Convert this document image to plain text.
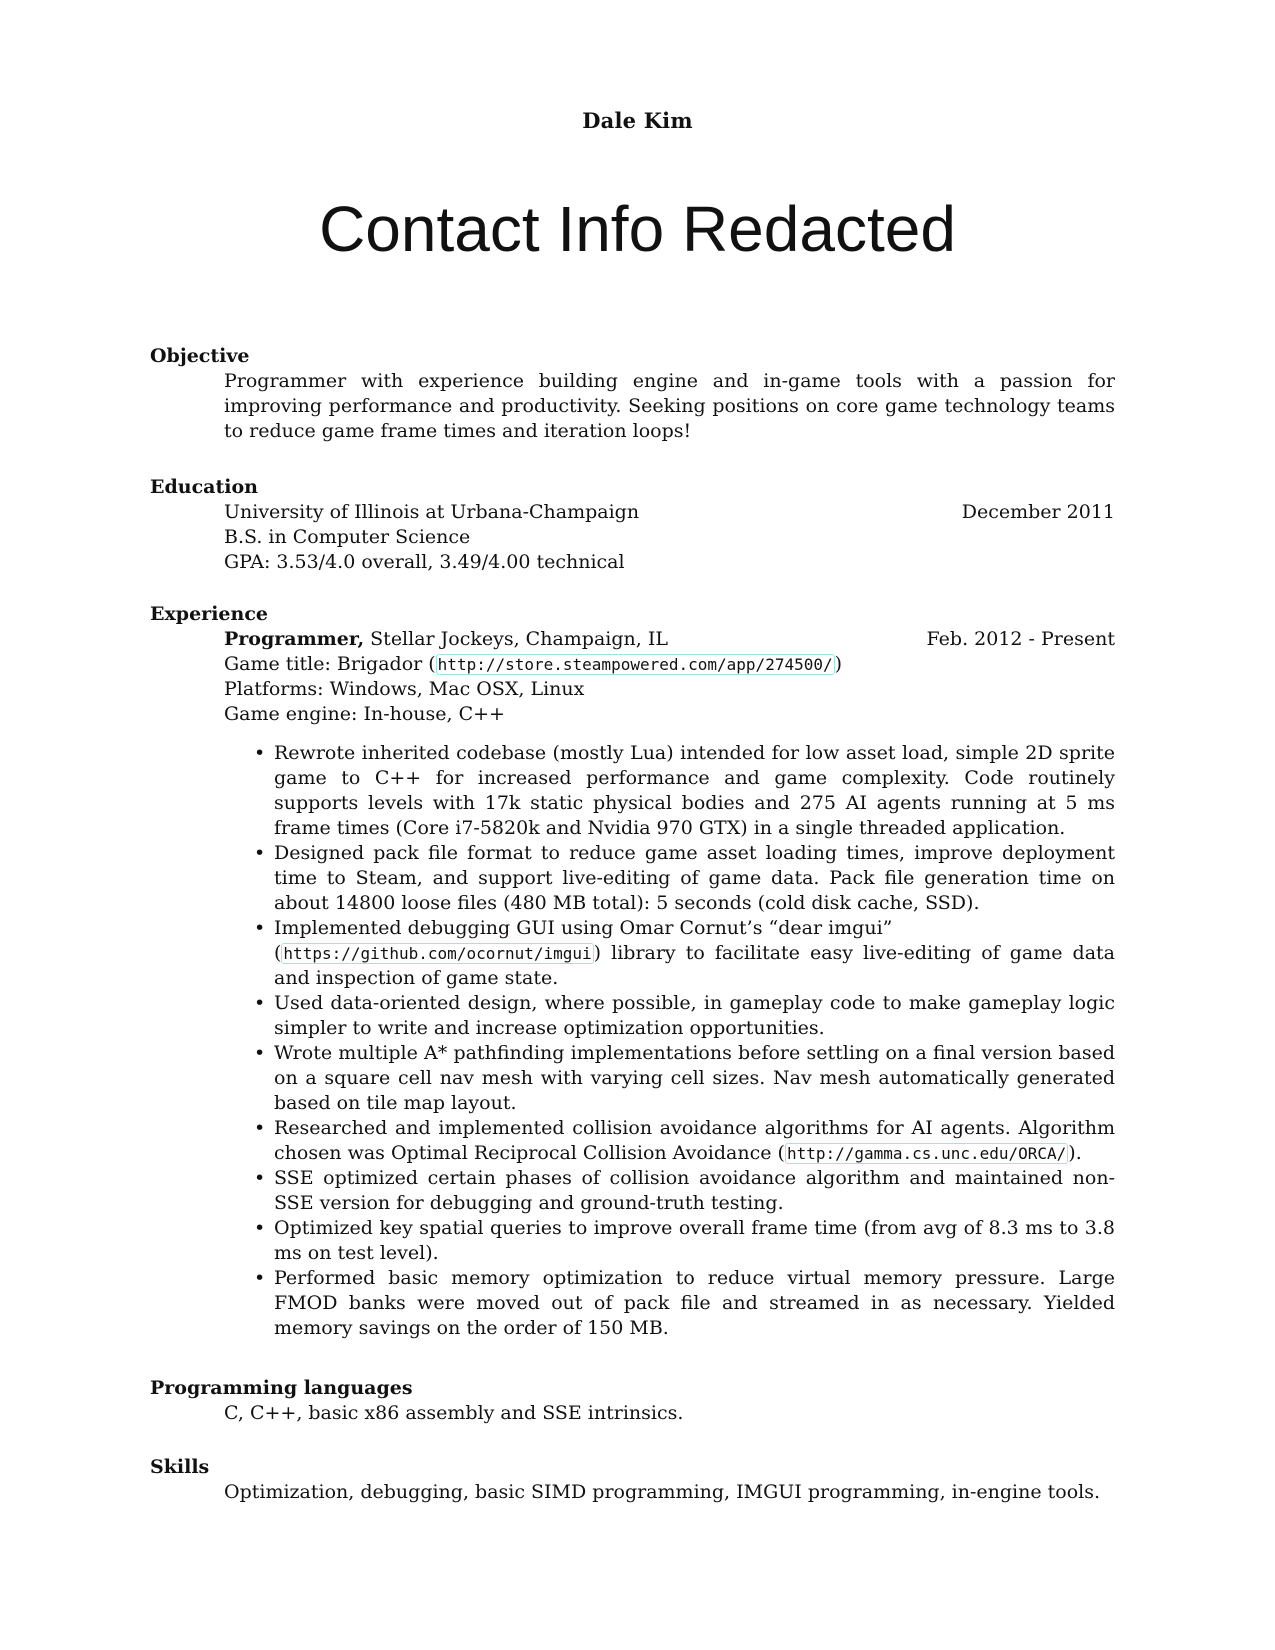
Dale Kim
Contact Info Redacted
Objective
Programmer with experience building engine and in-game tools with a passion for improving performance and productivity. Seeking positions on core game technology teams to reduce game frame times and iteration loops!
Education
University of Illinois at Urbana-Champaign	December 2011
B.S. in Computer Science
GPA: 3.53/4.0 overall, 3.49/4.00 technical
Experience
Programmer, Stellar Jockeys, Champaign, IL	Feb. 2012 - Present
Game title: Brigador ( http://store.steampowered.com/app/274500/ )
Platforms: Windows, Mac OSX, Linux
Game engine: In-house, C++
• Rewrote inherited codebase (mostly Lua) intended for low asset load, simple 2D sprite game to C++ for increased performance and game complexity. Code routinely supports levels with 17k static physical bodies and 275 AI agents running at 5 ms frame times (Core i7-5820k and Nvidia 970 GTX) in a single threaded application.
• Designed pack file format to reduce game asset loading times, improve deployment time to Steam, and support live-editing of game data. Pack file generation time on about 14800 loose files (480 MB total): 5 seconds (cold disk cache, SSD).
• Implemented debugging GUI using Omar Cornut’s “dear imgui”
( https://github.com/ocornut/imgui ) library to facilitate easy live-editing of game data and inspection of game state.
• Used data-oriented design, where possible, in gameplay code to make gameplay logic simpler to write and increase optimization opportunities.
• Wrote multiple A* pathfinding implementations before settling on a final version based on a square cell nav mesh with varying cell sizes. Nav mesh automatically generated based on tile map layout.
• Researched and implemented collision avoidance algorithms for AI agents. Algorithm chosen was Optimal Reciprocal Collision Avoidance ( http://gamma.cs.unc.edu/ORCA/ ).
• SSE optimized certain phases of collision avoidance algorithm and maintained non-SSE version for debugging and ground-truth testing.
• Optimized key spatial queries to improve overall frame time (from avg of 8.3 ms to 3.8 ms on test level).
• Performed basic memory optimization to reduce virtual memory pressure. Large FMOD banks were moved out of pack file and streamed in as necessary. Yielded memory savings on the order of 150 MB.
Programming languages
C, C++, basic x86 assembly and SSE intrinsics.
Skills
Optimization, debugging, basic SIMD programming, IMGUI programming, in-engine tools.
